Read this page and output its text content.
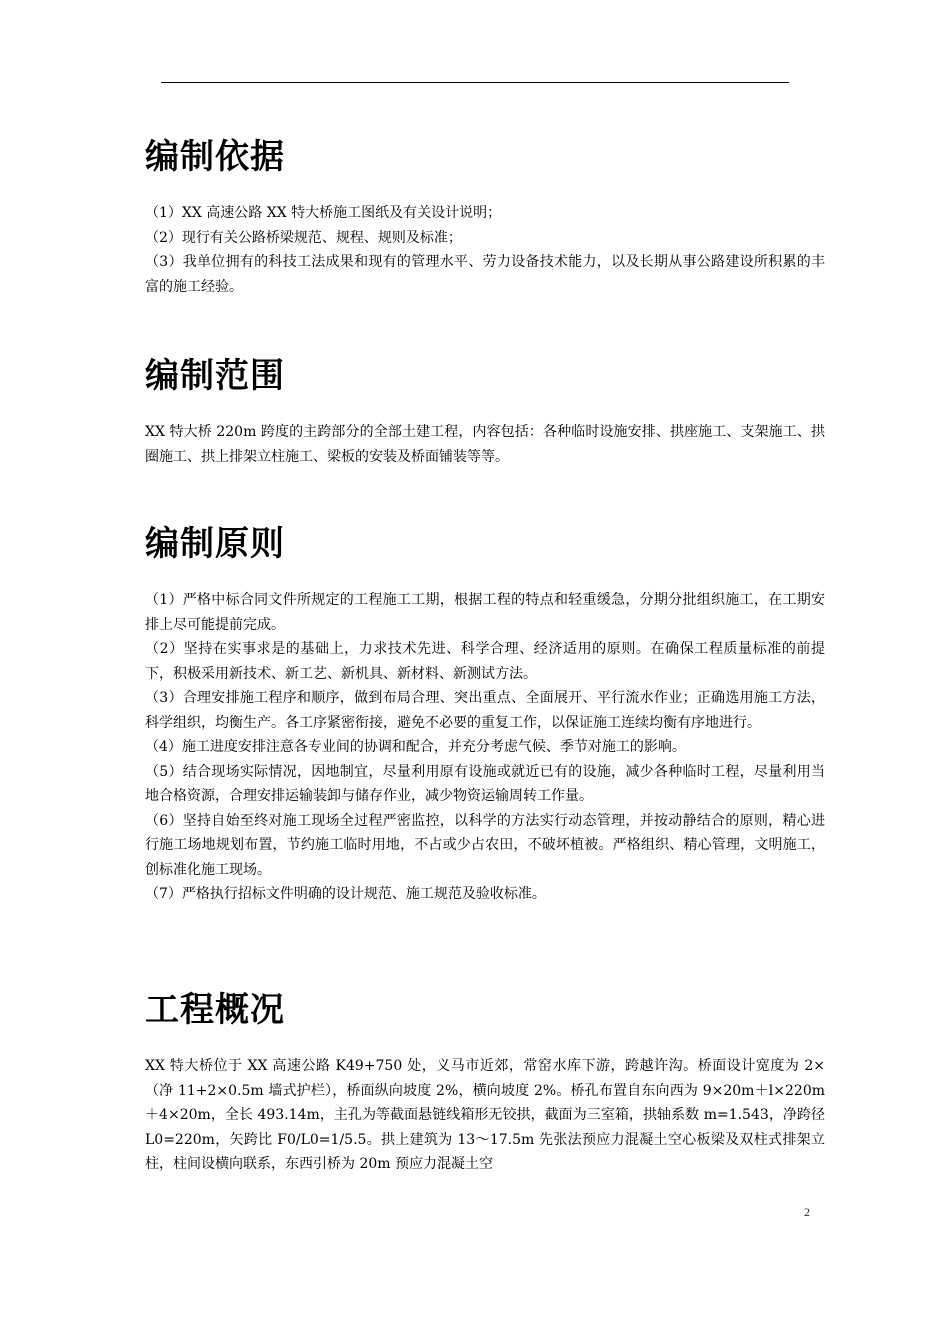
编制依据

（1）XX 高速公路 XX 特大桥施工图纸及有关设计说明；

（2）现行有关公路桥梁规范、规程、规则及标准；

（3）我单位拥有的科技工法成果和现有的管理水平、劳力设备技术能力，以及长期从事公路建设所积累的丰富的施工经验。

编制范围

XX 特大桥 220m 跨度的主跨部分的全部土建工程，内容包括：各种临时设施安排、拱座施工、支架施工、拱圈施工、拱上排架立柱施工、梁板的安装及桥面铺装等等。

编制原则

（1）严格中标合同文件所规定的工程施工工期，根据工程的特点和轻重缓急，分期分批组织施工，在工期安排上尽可能提前完成。

（2）坚持在实事求是的基础上，力求技术先进、科学合理、经济适用的原则。在确保工程质量标准的前提下，积极采用新技术、新工艺、新机具、新材料、新测试方法。

（3）合理安排施工程序和顺序，做到布局合理、突出重点、全面展开、平行流水作业；正确选用施工方法，科学组织，均衡生产。各工序紧密衔接，避免不必要的重复工作，以保证施工连续均衡有序地进行。

（4）施工进度安排注意各专业间的协调和配合，并充分考虑气候、季节对施工的影响。

（5）结合现场实际情况，因地制宜，尽量利用原有设施或就近已有的设施，减少各种临时工程，尽量利用当地合格资源，合理安排运输装卸与储存作业，减少物资运输周转工作量。

（6）坚持自始至终对施工现场全过程严密监控，以科学的方法实行动态管理，并按动静结合的原则，精心进行施工场地规划布置，节约施工临时用地，不占或少占农田，不破坏植被。严格组织、精心管理，文明施工，创标准化施工现场。

（7）严格执行招标文件明确的设计规范、施工规范及验收标准。

工程概况

XX 特大桥位于 XX 高速公路 K49+750 处，义马市近郊，常窑水库下游，跨越许沟。桥面设计宽度为 2×（净 11+2×0.5m 墙式护栏），桥面纵向坡度 2%，横向坡度 2%。桥孔布置自东向西为 9×20m＋l×220m＋4×20m，全长 493.14m，主孔为等截面悬链线箱形无铰拱，截面为三室箱，拱轴系数 m=1.543，净跨径 L0=220m，矢跨比 F0/L0=1/5.5。拱上建筑为 13～17.5m 先张法预应力混凝土空心板梁及双柱式排架立柱，柱间设横向联系，东西引桥为 20m 预应力混凝土空

2
